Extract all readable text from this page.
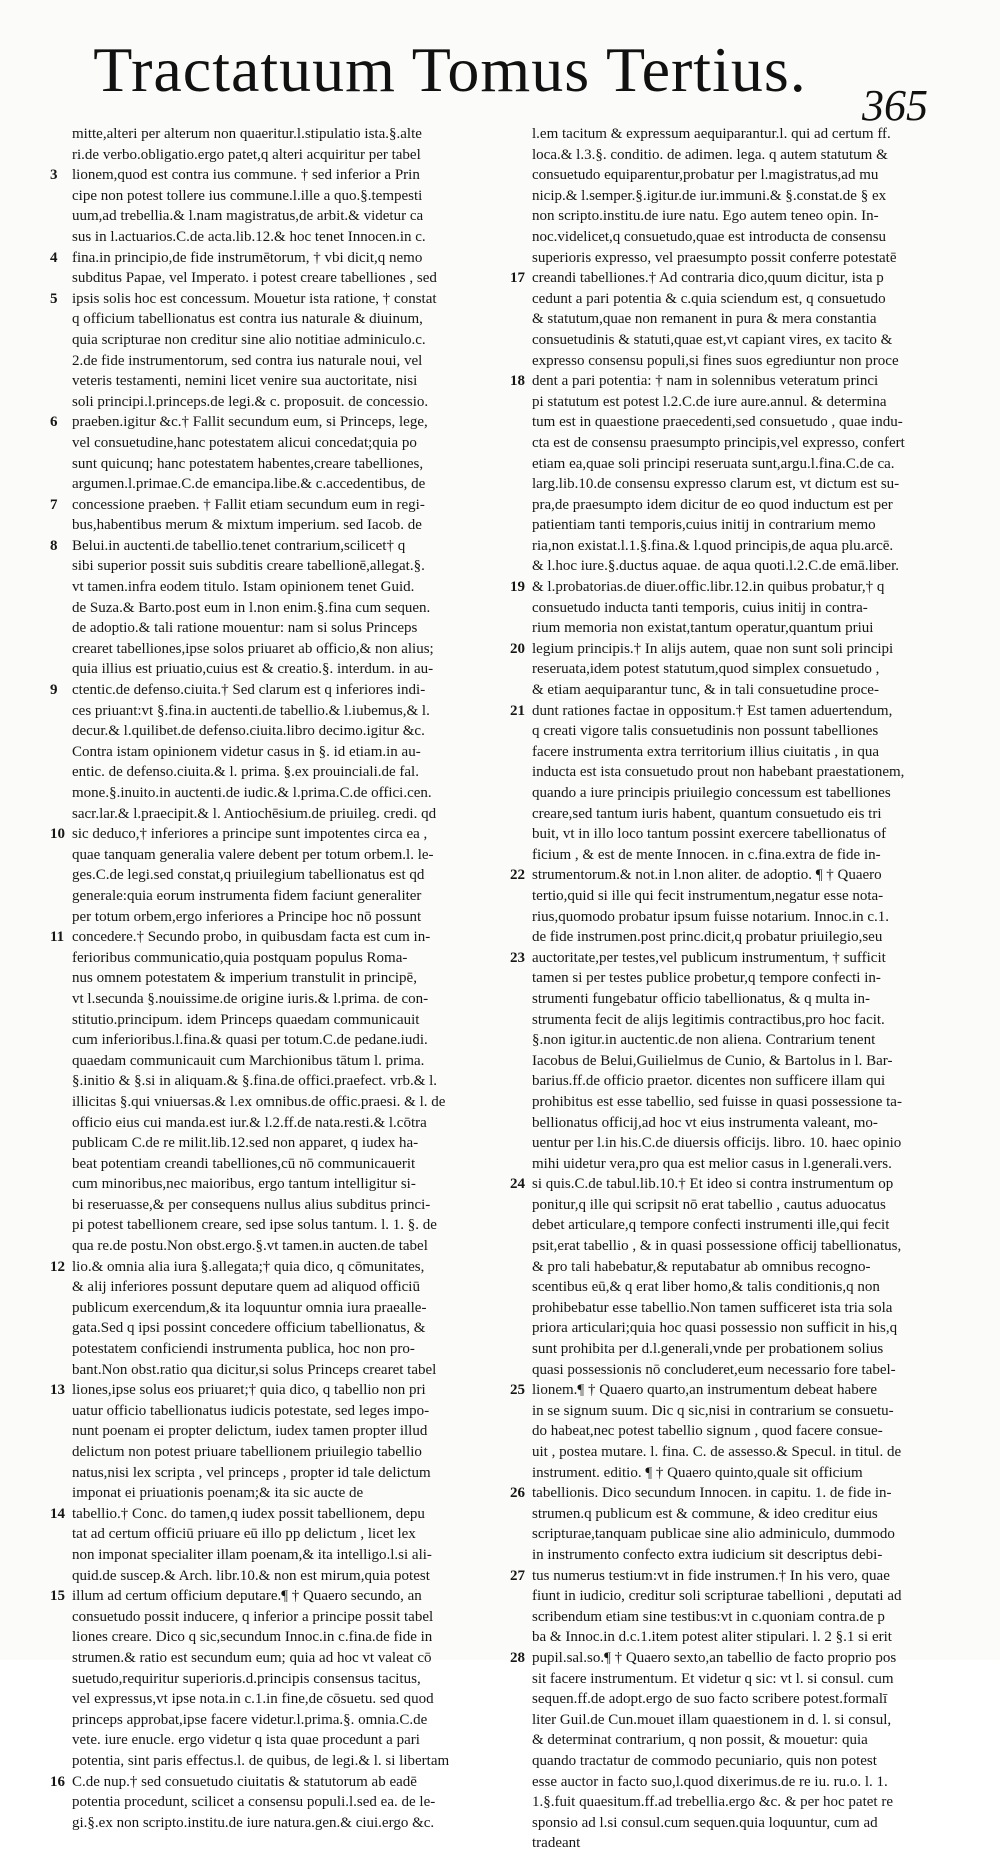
Tractatuum Tomus Tertius.
365
mitte,alteri per alterum non quaeritur.l.stipulatio ista.§.alte
ri.de verbo.obligatio.ergo patet,q alteri acquiritur per tabel
3 lionem,quod est contra ius commune. † sed inferior a Prin
cipe non potest tollere ius commune.l.ille a quo.§.tempesti
uum,ad trebellia.& l.nam magistratus,de arbit.& videtur ca
sus in l.actuarios.C.de acta.lib.12.& hoc tenet Innocen.in c.
4 fina.in principio,de fide instrumētorum, † vbi dicit,q nemo
subditus Papae, vel Imperato. i potest creare tabelliones , sed
5 ipsis solis hoc est concessum. Mouetur ista ratione, † constat
q officium tabellionatus est contra ius naturale & diuinum,
quia scripturae non creditur sine alio notitiae adminiculo.c.
2.de fide instrumentorum, sed contra ius naturale noui, vel
veteris testamenti, nemini licet venire sua auctoritate, nisi
soli principi.l.princeps.de legi.& c. proposuit. de concessio.
6 praeben.igitur &c.† Fallit secundum eum, si Princeps, lege,
vel consuetudine,hanc potestatem alicui concedat;quia po
sunt quicunq; hanc potestatem habentes,creare tabelliones,
argumen.l.primae.C.de emancipa.libe.& c.accedentibus, de
7 concessione praeben. † Fallit etiam secundum eum in regi-
bus,habentibus merum & mixtum imperium. sed Iacob. de
8 Belui.in auctenti.de tabellio.tenet contrarium,scilicet† q
sibi superior possit suis subditis creare tabellionē,allegat.§.
vt tamen.infra eodem titulo. Istam opinionem tenet Guid.
de Suza.& Barto.post eum in l.non enim.§.fina cum sequen.
de adoptio.& tali ratione mouentur: nam si solus Princeps
crearet tabelliones,ipse solos priuaret ab officio,& non alius;
quia illius est priuatio,cuius est & creatio.§. interdum. in au-
9 ctentic.de defenso.ciuita.† Sed clarum est q inferiores indi-
ces priuant:vt §.fina.in auctenti.de tabellio.& l.iubemus,& l.
decur.& l.quilibet.de defenso.ciuita.libro decimo.igitur &c.
Contra istam opinionem videtur casus in §. id etiam.in au-
entic. de defenso.ciuita.& l. prima. §.ex prouinciali.de fal.
mone.§.inuito.in auctenti.de iudic.& l.prima.C.de offici.cen.
sacr.lar.& l.praecipit.& l. Antiochēsium.de priuileg. credi. qd
10 sic deduco,† inferiores a principe sunt impotentes circa ea ,
quae tanquam generalia valere debent per totum orbem.l. le-
ges.C.de legi.sed constat,q priuilegium tabellionatus est qd
generale:quia eorum instrumenta fidem faciunt generaliter
per totum orbem,ergo inferiores a Principe hoc nō possunt
11 concedere.† Secundo probo, in quibusdam facta est cum in-
ferioribus communicatio,quia postquam populus Roma-
nus omnem potestatem & imperium transtulit in principē,
vt l.secunda §.nouissime.de origine iuris.& l.prima. de con-
stitutio.principum. idem Princeps quaedam communicauit
cum inferioribus.l.fina.& quasi per totum.C.de pedane.iudi.
quaedam communicauit cum Marchionibus tātum l. prima.
§.initio & §.si in aliquam.& §.fina.de offici.praefect. vrb.& l.
illicitas §.qui vniuersas.& l.ex omnibus.de offic.praesi. & l. de
officio eius cui manda.est iur.& l.2.ff.de nata.resti.& l.cōtra
publicam C.de re milit.lib.12.sed non apparet, q iudex ha-
beat potentiam creandi tabelliones,cū nō communicauerit
cum minoribus,nec maioribus, ergo tantum intelligitur si-
bi reseruasse,& per consequens nullus alius subditus princi-
pi potest tabellionem creare, sed ipse solus tantum. l. 1. §. de
qua re.de postu.Non obst.ergo.§.vt tamen.in aucten.de tabel
12 lio.& omnia alia iura §.allegata;† quia dico, q cōmunitates,
& alij inferiores possunt deputare quem ad aliquod officiū
publicum exercendum,& ita loquuntur omnia iura praealle-
gata.Sed q ipsi possint concedere officium tabellionatus, &
potestatem conficiendi instrumenta publica, hoc non pro-
bant.Non obst.ratio qua dicitur,si solus Princeps crearet tabel
13 liones,ipse solus eos priuaret;† quia dico, q tabellio non pri
uatur officio tabellionatus iudicis potestate, sed leges impo-
nunt poenam ei propter delictum, iudex tamen propter illud
delictum non potest priuare tabellionem priuilegio tabellio
natus,nisi lex scripta , vel princeps , propter id tale delictum
imponat ei priuationis poenam;& ita sic aucte de
14 tabellio.† Conc. do tamen,q iudex possit tabellionem, depu
tat ad certum officiū priuare eū illo pp delictum , licet lex
non imponat specialiter illam poenam,& ita intelligo.l.si ali-
quid.de suscep.& Arch. libr.10.& non est mirum,quia potest
15 illum ad certum officium deputare.¶ † Quaero secundo, an
consuetudo possit inducere, q inferior a principe possit tabel
liones creare. Dico q sic,secundum Innoc.in c.fina.de fide in
strumen.& ratio est secundum eum; quia ad hoc vt valeat cō
suetudo,requiritur superioris.d.principis consensus tacitus,
vel expressus,vt ipse nota.in c.1.in fine,de cōsuetu. sed quod
princeps approbat,ipse facere videtur.l.prima.§. omnia.C.de
vete. iure enucle. ergo videtur q ista quae procedunt a pari
potentia, sint paris effectus.l. de quibus, de legi.& l. si libertam
16 C.de nup.† sed consuetudo ciuitatis & statutorum ab eadē
potentia procedunt, scilicet a consensu populi.l.sed ea. de le-
gi.§.ex non scripto.institu.de iure natura.gen.& ciui.ergo &c.
l.em tacitum & expressum aequiparantur.l. qui ad certum ff.
loca.& l.3.§. conditio. de adimen. lega. q autem statutum &
consuetudo equiparentur,probatur per l.magistratus,ad mu
nicip.& l.semper.§.igitur.de iur.immuni.& §.constat.de § ex
non scripto.institu.de iure natu. Ego autem teneo opin. In-
noc.videlicet,q consuetudo,quae est introducta de consensu
superioris expresso, vel praesumpto possit conferre potestatē
17 creandi tabelliones.† Ad contraria dico,quum dicitur, ista p
cedunt a pari potentia & c.quia sciendum est, q consuetudo
& statutum,quae non remanent in pura & mera constantia
consuetudinis & statuti,quae est,vt capiant vires, ex tacito &
expresso consensu populi,si fines suos egrediuntur non proce
18 dent a pari potentia: † nam in solennibus veteratum princi
pi statutum est potest l.2.C.de iure aure.annul. & determina
tum est in quaestione praecedenti,sed consuetudo , quae indu-
cta est de consensu praesumpto principis,vel expresso, confert
etiam ea,quae soli principi reseruata sunt,argu.l.fina.C.de ca.
larg.lib.10.de consensu expresso clarum est, vt dictum est su-
pra,de praesumpto idem dicitur de eo quod inductum est per
patientiam tanti temporis,cuius initij in contrarium memo
ria,non existat.l.1.§.fina.& l.quod principis,de aqua plu.arcē.
& l.hoc iure.§.ductus aquae. de aqua quoti.l.2.C.de emā.liber.
19 & l.probatorias.de diuer.offic.libr.12.in quibus probatur,† q
consuetudo inducta tanti temporis, cuius initij in contra-
rium memoria non existat,tantum operatur,quantum priui
20 legium principis.† In alijs autem, quae non sunt soli principi
reseruata,idem potest statutum,quod simplex consuetudo ,
& etiam aequiparantur tunc, & in tali consuetudine proce-
21 dunt rationes factae in oppositum.† Est tamen aduertendum,
q creati vigore talis consuetudinis non possunt tabelliones
facere instrumenta extra territorium illius ciuitatis , in qua
inducta est ista consuetudo prout non habebant praestationem,
quando a iure principis priuilegio concessum est tabelliones
creare,sed tantum iuris habent, quantum consuetudo eis tri
buit, vt in illo loco tantum possint exercere tabellionatus of
ficium , & est de mente Innocen. in c.fina.extra de fide in-
22 strumentorum.& not.in l.non aliter. de adoptio. ¶ † Quaero
tertio,quid si ille qui fecit instrumentum,negatur esse nota-
rius,quomodo probatur ipsum fuisse notarium. Innoc.in c.1.
de fide instrumen.post princ.dicit,q probatur priuilegio,seu
23 auctoritate,per testes,vel publicum instrumentum, † sufficit
tamen si per testes publice probetur,q tempore confecti in-
strumenti fungebatur officio tabellionatus, & q multa in-
strumenta fecit de alijs legitimis contractibus,pro hoc facit.
§.non igitur.in auctentic.de non aliena. Contrarium tenent
Iacobus de Belui,Guilielmus de Cunio, & Bartolus in l. Bar-
barius.ff.de officio praetor. dicentes non sufficere illam qui
prohibitus est esse tabellio, sed fuisse in quasi possessione ta-
bellionatus officij,ad hoc vt eius instrumenta valeant, mo-
uentur per l.in his.C.de diuersis officijs. libro. 10. haec opinio
mihi uidetur vera,pro qua est melior casus in l.generali.vers.
24 si quis.C.de tabul.lib.10.† Et ideo si contra instrumentum op
ponitur,q ille qui scripsit nō erat tabellio , cautus aduocatus
debet articulare,q tempore confecti instrumenti ille,qui fecit
psit,erat tabellio , & in quasi possessione officij tabellionatus,
& pro tali habebatur,& reputabatur ab omnibus recogno-
scentibus eū,& q erat liber homo,& talis conditionis,q non
prohibebatur esse tabellio.Non tamen sufficeret ista tria sola
priora articulari;quia hoc quasi possessio non sufficit in his,q
sunt prohibita per d.l.generali,vnde per probationem solius
quasi possessionis nō concluderet,eum necessario fore tabel-
25 lionem.¶ † Quaero quarto,an instrumentum debeat habere
in se signum suum. Dic q sic,nisi in contrarium se consuetu-
do habeat,nec potest tabellio signum , quod facere consue-
uit , postea mutare. l. fina. C. de assesso.& Specul. in titul. de
instrument. editio. ¶ † Quaero quinto,quale sit officium
26 tabellionis. Dico secundum Innocen. in capitu. 1. de fide in-
strumen.q publicum est & commune, & ideo creditur eius
scripturae,tanquam publicae sine alio adminiculo, dummodo
in instrumento confecto extra iudicium sit descriptus debi-
27 tus numerus testium:vt in fide instrumen.† In his vero, quae
fiunt in iudicio, creditur soli scripturae tabellioni , deputati ad
scribendum etiam sine testibus:vt in c.quoniam contra.de p
ba & Innoc.in d.c.1.item potest aliter stipulari. l. 2 §.1 si erit
28 pupil.sal.so.¶ † Quaero sexto,an tabellio de facto proprio pos
sit facere instrumentum. Et videtur q sic: vt l. si consul. cum
sequen.ff.de adopt.ergo de suo facto scribere potest.formalī
liter Guil.de Cun.mouet illam quaestionem in d. l. si consul,
& determinat contrarium, q non possit, & mouetur: quia
quando tractatur de commodo pecuniario, quis non potest
esse auctor in facto suo,l.quod dixerimus.de re iu. ru.o. l. 1.
1.§.fuit quaesitum.ff.ad trebellia.ergo &c. & per hoc patet re
sponsio ad l.si consul.cum sequen.quia loquuntur, cum ad
tradeant
